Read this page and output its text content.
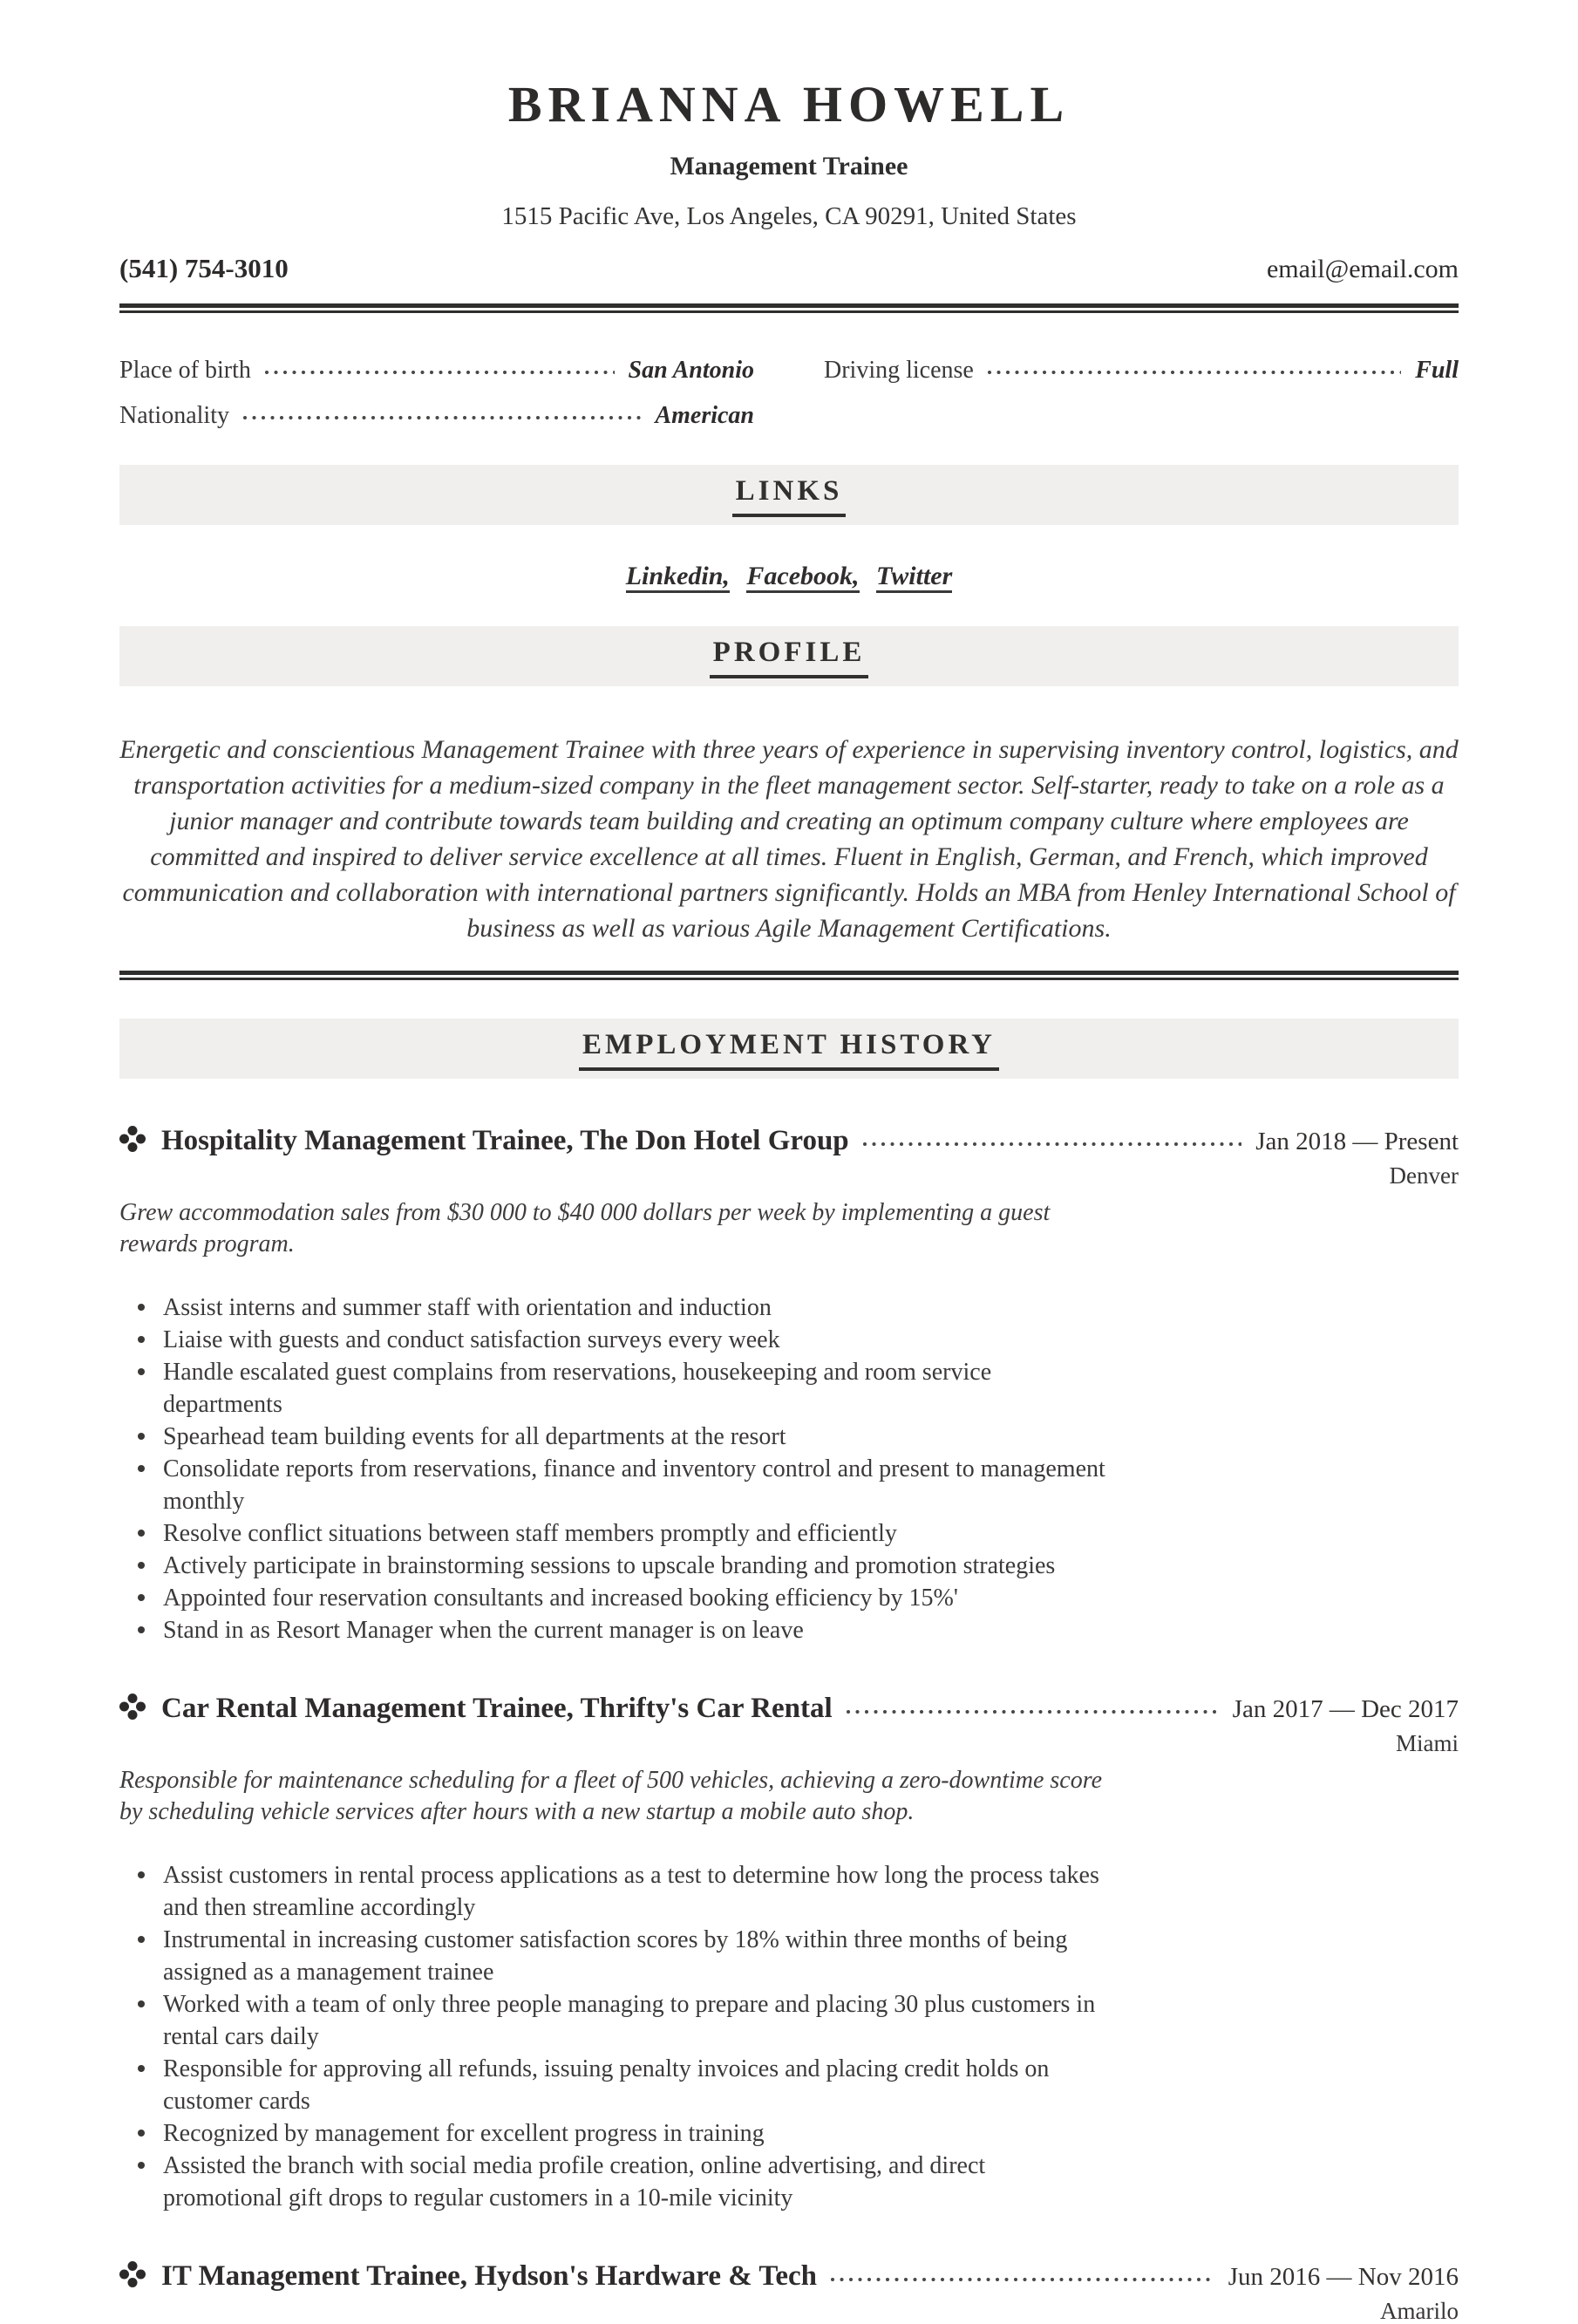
BRIANNA HOWELL
Management Trainee
1515 Pacific Ave, Los Angeles, CA 90291, United States
(541) 754-3010	email@email.com
Place of birth	San Antonio	Driving license	Full
Nationality	American
LINKS
Linkedin, Facebook, Twitter
PROFILE
Energetic and conscientious Management Trainee with three years of experience in supervising inventory control, logistics, and transportation activities for a medium-sized company in the fleet management sector. Self-starter, ready to take on a role as a junior manager and contribute towards team building and creating an optimum company culture where employees are committed and inspired to deliver service excellence at all times. Fluent in English, German, and French, which improved communication and collaboration with international partners significantly. Holds an MBA from Henley International School of business as well as various Agile Management Certifications.
EMPLOYMENT HISTORY
Hospitality Management Trainee, The Don Hotel Group	Jan 2018 — Present
Denver
Grew accommodation sales from $30 000 to $40 000 dollars per week by implementing a guest rewards program.
Assist interns and summer staff with orientation and induction
Liaise with guests and conduct satisfaction surveys every week
Handle escalated guest complains from reservations, housekeeping and room service departments
Spearhead team building events for all departments at the resort
Consolidate reports from reservations, finance and inventory control and present to management monthly
Resolve conflict situations between staff members promptly and efficiently
Actively participate in brainstorming sessions to upscale branding and promotion strategies
Appointed four reservation consultants and increased booking efficiency by 15%'
Stand in as Resort Manager when the current manager is on leave
Car Rental Management Trainee, Thrifty's Car Rental	Jan 2017 — Dec 2017
Miami
Responsible for maintenance scheduling for a fleet of 500 vehicles, achieving a zero-downtime score by scheduling vehicle services after hours with a new startup a mobile auto shop.
Assist customers in rental process applications as a test to determine how long the process takes and then streamline accordingly
Instrumental in increasing customer satisfaction scores by 18% within three months of being assigned as a management trainee
Worked with a team of only three people managing to prepare and placing 30 plus customers in rental cars daily
Responsible for approving all refunds, issuing penalty invoices and placing credit holds on customer cards
Recognized by management for excellent progress in training
Assisted the branch with social media profile creation, online advertising, and direct promotional gift drops to regular customers in a 10-mile vicinity
IT Management Trainee, Hydson's Hardware & Tech	Jun 2016 — Nov 2016
Amarilo
